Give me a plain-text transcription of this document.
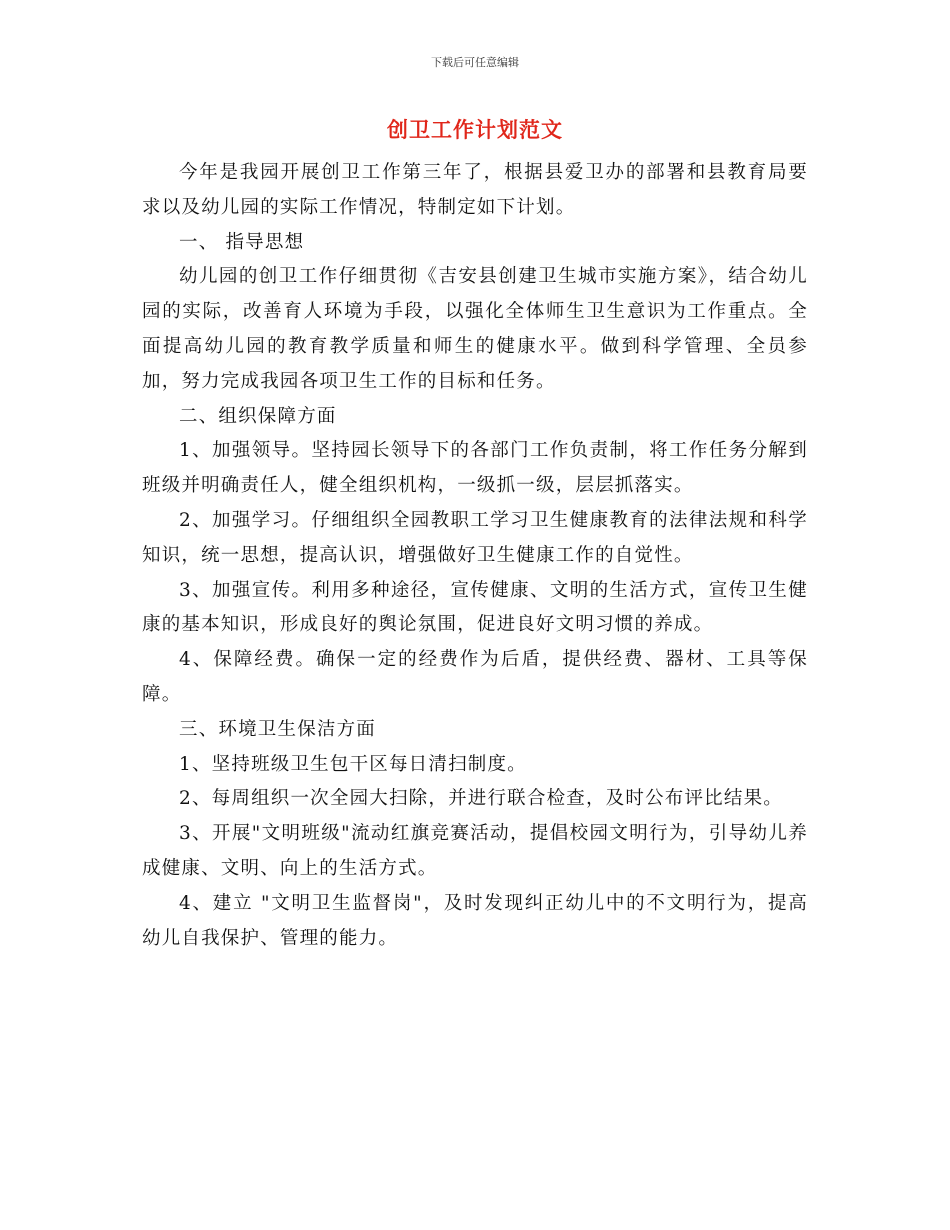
下载后可任意编辑
创卫工作计划范文

今年是我园开展创卫工作第三年了，根据县爱卫办的部署和县教育局要求以及幼儿园的实际工作情况，特制定如下计划。

一、 指导思想

幼儿园的创卫工作仔细贯彻《吉安县创建卫生城市实施方案》，结合幼儿园的实际，改善育人环境为手段，以强化全体师生卫生意识为工作重点。全面提高幼儿园的教育教学质量和师生的健康水平。做到科学管理、全员参加，努力完成我园各项卫生工作的目标和任务。

二、组织保障方面

1、加强领导。坚持园长领导下的各部门工作负责制，将工作任务分解到班级并明确责任人，健全组织机构，一级抓一级，层层抓落实。

2、加强学习。仔细组织全园教职工学习卫生健康教育的法律法规和科学知识，统一思想，提高认识，增强做好卫生健康工作的自觉性。

3、加强宣传。利用多种途径，宣传健康、文明的生活方式，宣传卫生健康的基本知识，形成良好的舆论氛围，促进良好文明习惯的养成。

4、保障经费。确保一定的经费作为后盾，提供经费、器材、工具等保障。

三、环境卫生保洁方面

1、坚持班级卫生包干区每日清扫制度。

2、每周组织一次全园大扫除，并进行联合检查，及时公布评比结果。

3、开展"文明班级"流动红旗竞赛活动，提倡校园文明行为，引导幼儿养成健康、文明、向上的生活方式。

4、建立 "文明卫生监督岗"，及时发现纠正幼儿中的不文明行为，提高幼儿自我保护、管理的能力。
